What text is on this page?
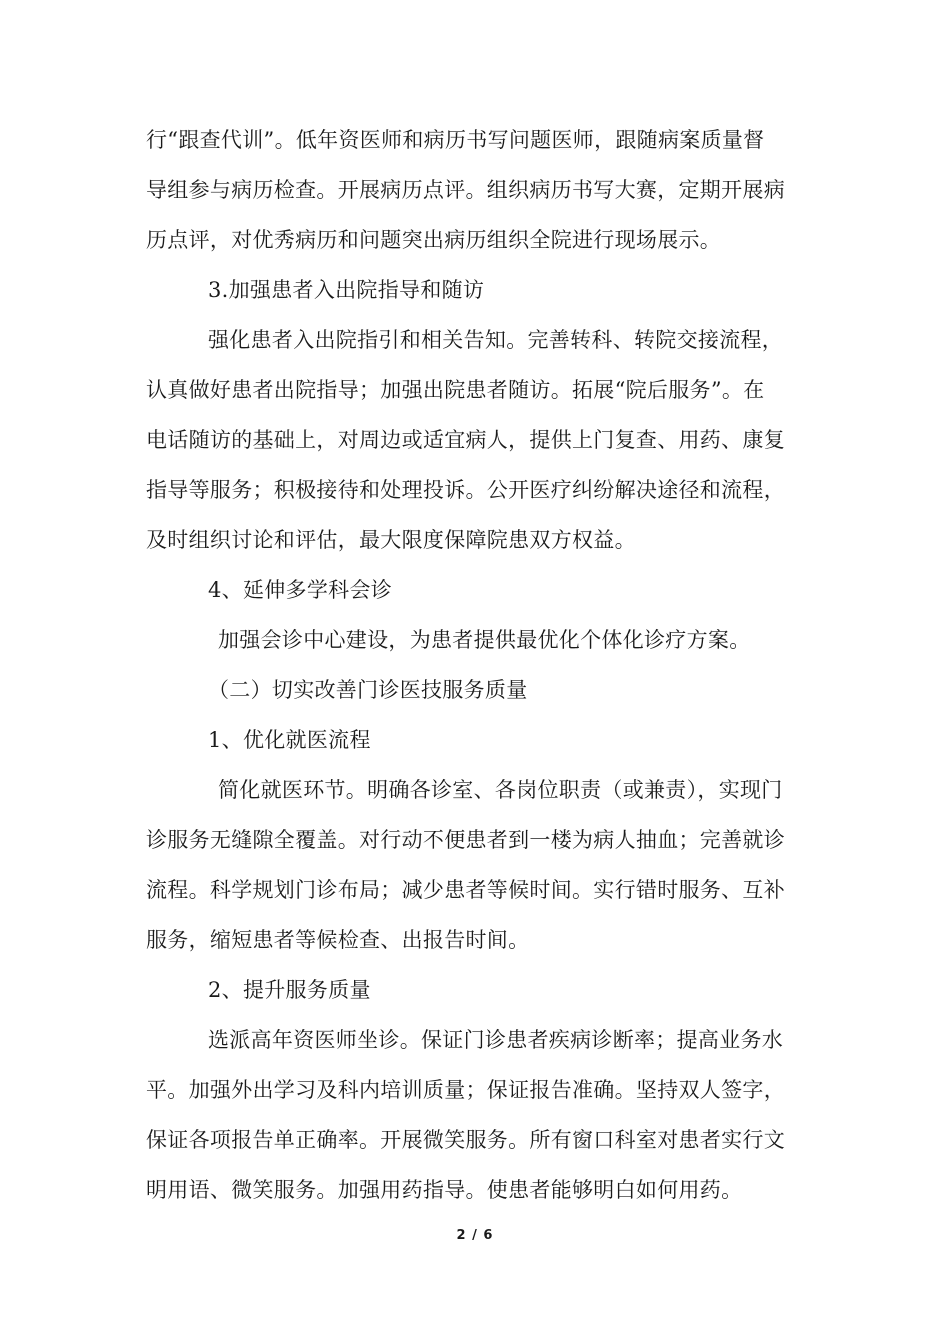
行“跟查代训”。低年资医师和病历书写问题医师，跟随病案质量督
导组参与病历检查。开展病历点评。组织病历书写大赛，定期开展病
历点评，对优秀病历和问题突出病历组织全院进行现场展示。
3.加强患者入出院指导和随访
强化患者入出院指引和相关告知。完善转科、转院交接流程，
认真做好患者出院指导；加强出院患者随访。拓展“院后服务”。在
电话随访的基础上，对周边或适宜病人，提供上门复查、用药、康复
指导等服务；积极接待和处理投诉。公开医疗纠纷解决途径和流程，
及时组织讨论和评估，最大限度保障院患双方权益。
4、延伸多学科会诊
加强会诊中心建设，为患者提供最优化个体化诊疗方案。
（二）切实改善门诊医技服务质量
1、优化就医流程
简化就医环节。明确各诊室、各岗位职责（或兼责），实现门
诊服务无缝隙全覆盖。对行动不便患者到一楼为病人抽血；完善就诊
流程。科学规划门诊布局；减少患者等候时间。实行错时服务、互补
服务，缩短患者等候检查、出报告时间。
2、提升服务质量
选派高年资医师坐诊。保证门诊患者疾病诊断率；提高业务水
平。加强外出学习及科内培训质量；保证报告准确。坚持双人签字，
保证各项报告单正确率。开展微笑服务。所有窗口科室对患者实行文
明用语、微笑服务。加强用药指导。使患者能够明白如何用药。
2 / 6
